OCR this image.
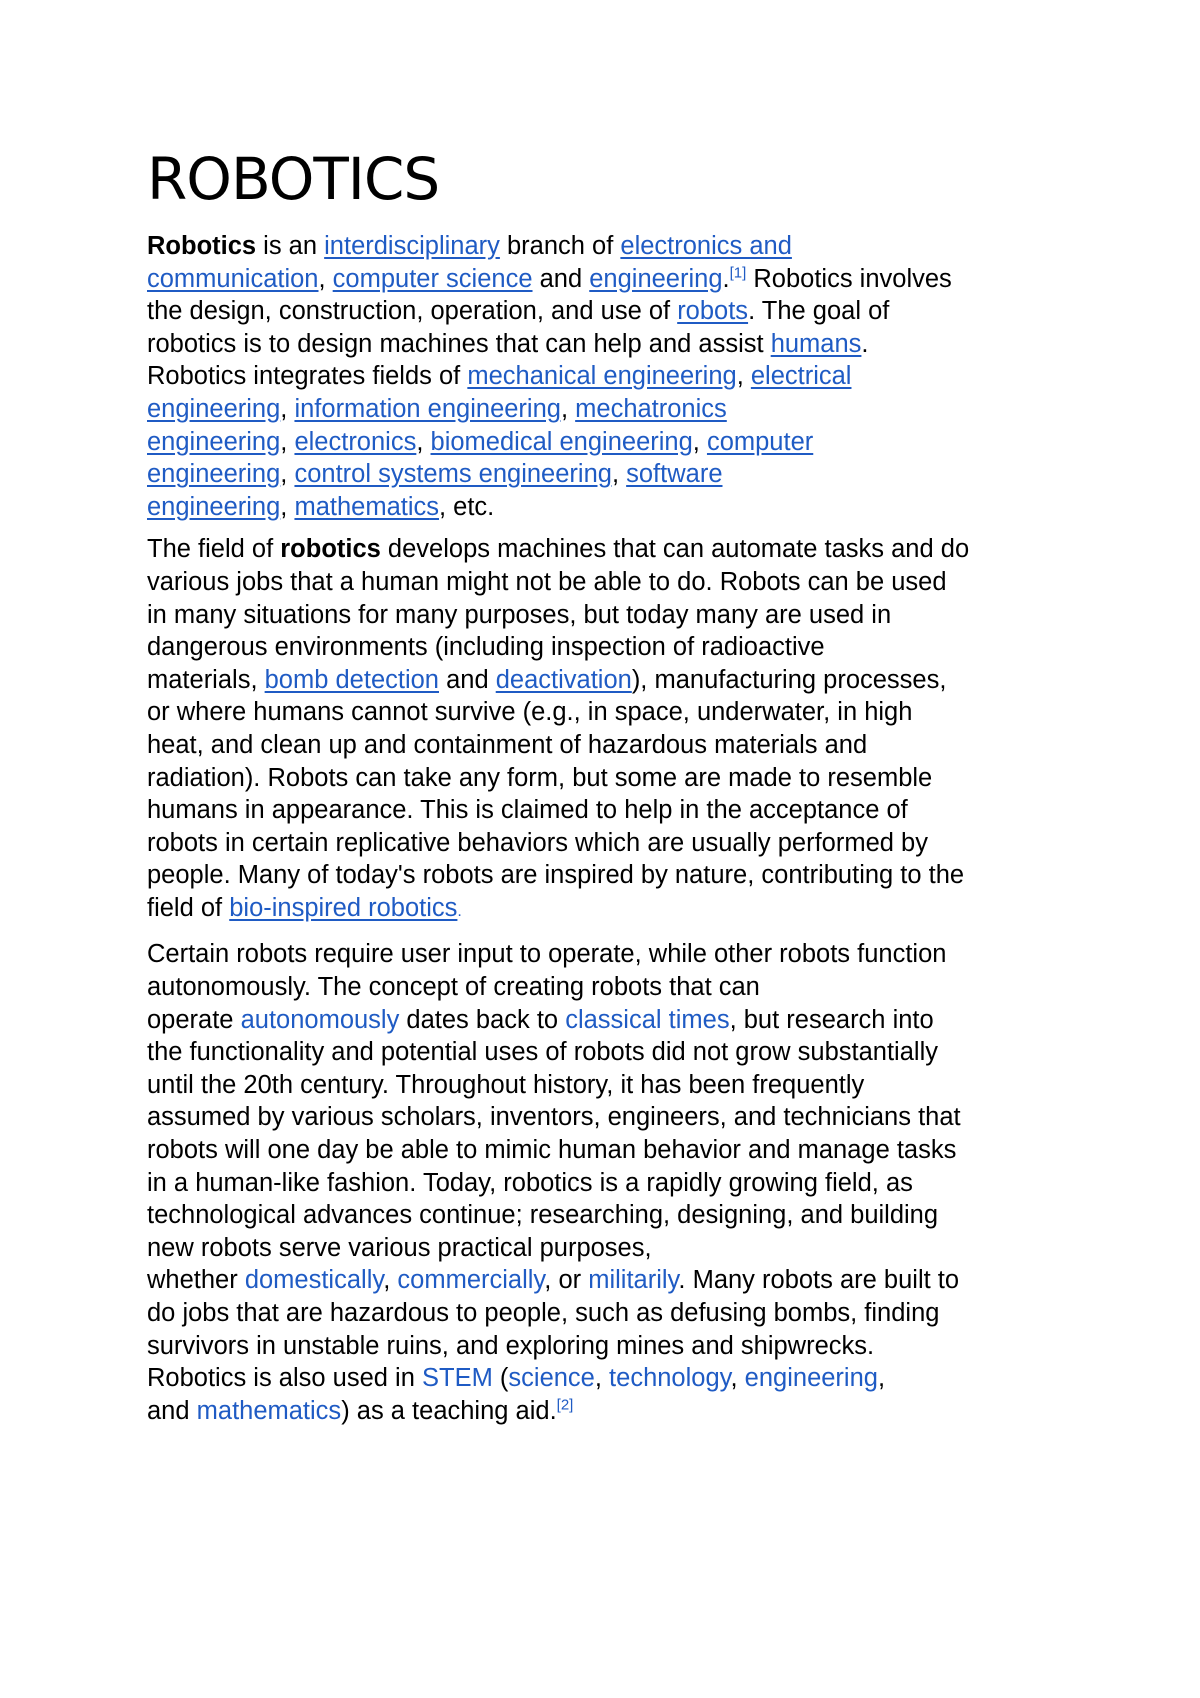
ROBOTICS

Robotics is an interdisciplinary branch of electronics and
communication, computer science and engineering.[1] Robotics involves
the design, construction, operation, and use of robots. The goal of
robotics is to design machines that can help and assist humans.
Robotics integrates fields of mechanical engineering, electrical
engineering, information engineering, mechatronics
engineering, electronics, biomedical engineering, computer
engineering, control systems engineering, software
engineering, mathematics, etc.

The field of robotics develops machines that can automate tasks and do
various jobs that a human might not be able to do. Robots can be used
in many situations for many purposes, but today many are used in
dangerous environments (including inspection of radioactive
materials, bomb detection and deactivation), manufacturing processes,
or where humans cannot survive (e.g., in space, underwater, in high
heat, and clean up and containment of hazardous materials and
radiation). Robots can take any form, but some are made to resemble
humans in appearance. This is claimed to help in the acceptance of
robots in certain replicative behaviors which are usually performed by
people. Many of today's robots are inspired by nature, contributing to the
field of bio-inspired robotics.

Certain robots require user input to operate, while other robots function
autonomously. The concept of creating robots that can
operate autonomously dates back to classical times, but research into
the functionality and potential uses of robots did not grow substantially
until the 20th century. Throughout history, it has been frequently
assumed by various scholars, inventors, engineers, and technicians that
robots will one day be able to mimic human behavior and manage tasks
in a human-like fashion. Today, robotics is a rapidly growing field, as
technological advances continue; researching, designing, and building
new robots serve various practical purposes,
whether domestically, commercially, or militarily. Many robots are built to
do jobs that are hazardous to people, such as defusing bombs, finding
survivors in unstable ruins, and exploring mines and shipwrecks.
Robotics is also used in STEM (science, technology, engineering,
and mathematics) as a teaching aid.[2]
